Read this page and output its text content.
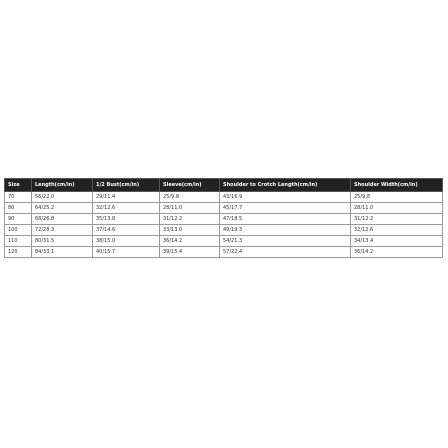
Size	Length(cm/in)	1/2 Bust(cm/in)	Sleeve(cm/in)	Shoulder to Crotch Length(cm/in)	Shoulder Width(cm/in)
70	56/22.0	29/11.4	25/9.8	43/16.9	25/9.8
80	64/25.2	32/12.6	28/11.0	45/17.7	28/11.0
90	68/26.8	35/13.8	31/12.2	47/18.5	31/12.2
100	72/28.3	37/14.6	33/13.0	49/19.3	32/12.6
110	80/31.5	38/15.0	36/14.2	54/21.3	34/13.4
120	84/33.1	40/15.7	39/15.4	57/22.4	36/14.2
